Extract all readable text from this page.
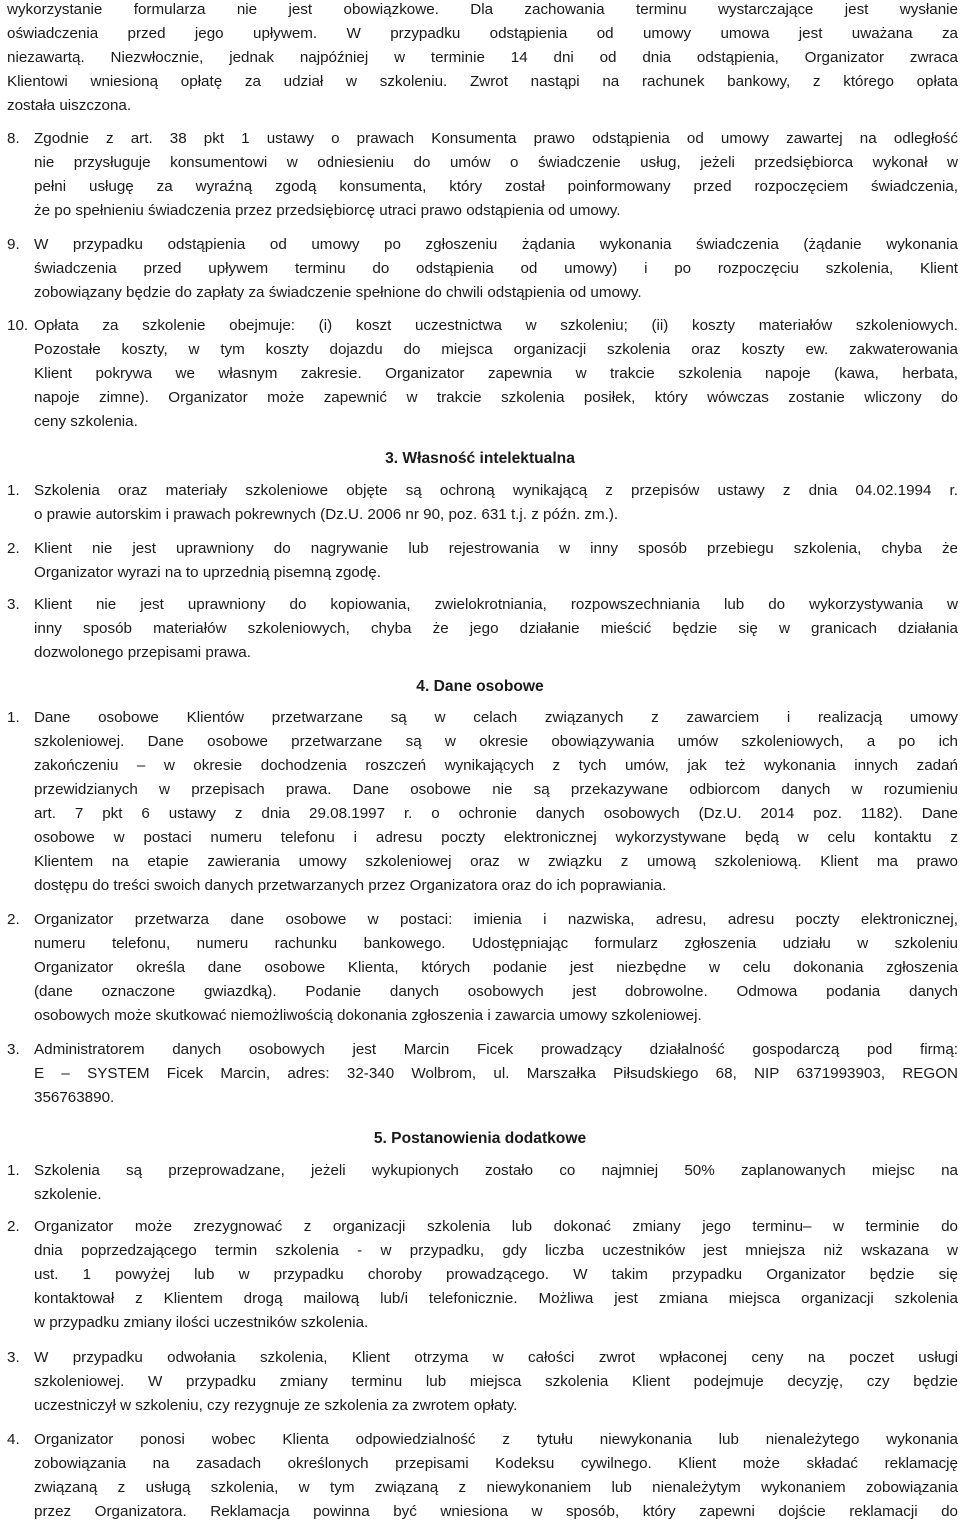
wykorzystanie formularza nie jest obowiązkowe. Dla zachowania terminu wystarczające jest wysłanie
oświadczenia przed jego upływem. W przypadku odstąpienia od umowy umowa jest uważana za
niezawartą. Niezwłocznie, jednak najpóźniej w terminie 14 dni od dnia odstąpienia, Organizator zwraca
Klientowi wniesioną opłatę za udział w szkoleniu. Zwrot nastąpi na rachunek bankowy, z którego opłata
została uiszczona.
8. Zgodnie z art. 38 pkt 1 ustawy o prawach Konsumenta prawo odstąpienia od umowy zawartej na odległość
nie przysługuje konsumentowi w odniesieniu do umów o świadczenie usług, jeżeli przedsiębiorca wykonał w
pełni usługę za wyraźną zgodą konsumenta, który został poinformowany przed rozpoczęciem świadczenia,
że po spełnieniu świadczenia przez przedsiębiorcę utraci prawo odstąpienia od umowy.
9. W przypadku odstąpienia od umowy po zgłoszeniu żądania wykonania świadczenia (żądanie wykonania
świadczenia przed upływem terminu do odstąpienia od umowy) i po rozpoczęciu szkolenia, Klient
zobowiązany będzie do zapłaty za świadczenie spełnione do chwili odstąpienia od umowy.
10. Opłata za szkolenie obejmuje: (i) koszt uczestnictwa w szkoleniu; (ii) koszty materiałów szkoleniowych.
Pozostałe koszty, w tym koszty dojazdu do miejsca organizacji szkolenia oraz koszty ew. zakwaterowania
Klient pokrywa we własnym zakresie. Organizator zapewnia w trakcie szkolenia napoje (kawa, herbata,
napoje zimne). Organizator może zapewnić w trakcie szkolenia posiłek, który wówczas zostanie wliczony do
ceny szkolenia.
3. Własność intelektualna
1. Szkolenia oraz materiały szkoleniowe objęte są ochroną wynikającą z przepisów ustawy z dnia 04.02.1994 r.
o prawie autorskim i prawach pokrewnych (Dz.U. 2006 nr 90, poz. 631 t.j. z późn. zm.).
2. Klient nie jest uprawniony do nagrywanie lub rejestrowania w inny sposób przebiegu szkolenia, chyba że
Organizator wyrazi na to uprzednią pisemną zgodę.
3. Klient nie jest uprawniony do kopiowania, zwielokrotniania, rozpowszechniania lub do wykorzystywania w
inny sposób materiałów szkoleniowych, chyba że jego działanie mieścić będzie się w granicach działania
dozwolonego przepisami prawa.
4. Dane osobowe
1. Dane osobowe Klientów przetwarzane są w celach związanych z zawarciem i realizacją umowy
szkoleniowej. Dane osobowe przetwarzane są w okresie obowiązywania umów szkoleniowych, a po ich
zakończeniu – w okresie dochodzenia roszczeń wynikających z tych umów, jak też wykonania innych zadań
przewidzianych w przepisach prawa. Dane osobowe nie są przekazywane odbiorcom danych w rozumieniu
art. 7 pkt 6 ustawy z dnia 29.08.1997 r. o ochronie danych osobowych (Dz.U. 2014 poz. 1182). Dane
osobowe w postaci numeru telefonu i adresu poczty elektronicznej wykorzystywane będą w celu kontaktu z
Klientem na etapie zawierania umowy szkoleniowej oraz w związku z umową szkoleniową. Klient ma prawo
dostępu do treści swoich danych przetwarzanych przez Organizatora oraz do ich poprawiania.
2. Organizator przetwarza dane osobowe w postaci: imienia i nazwiska, adresu, adresu poczty elektronicznej,
numeru telefonu, numeru rachunku bankowego. Udostępniając formularz zgłoszenia udziału w szkoleniu
Organizator określa dane osobowe Klienta, których podanie jest niezbędne w celu dokonania zgłoszenia
(dane oznaczone gwiazdką). Podanie danych osobowych jest dobrowolne. Odmowa podania danych
osobowych może skutkować niemożliwością dokonania zgłoszenia i zawarcia umowy szkoleniowej.
3. Administratorem danych osobowych jest Marcin Ficek prowadzący działalność gospodarczą pod firmą:
E – SYSTEM Ficek Marcin, adres: 32-340 Wolbrom, ul. Marszałka Piłsudskiego 68, NIP 6371993903, REGON
356763890.
5. Postanowienia dodatkowe
1. Szkolenia są przeprowadzane, jeżeli wykupionych zostało co najmniej 50% zaplanowanych miejsc na
szkolenie.
2. Organizator może zrezygnować z organizacji szkolenia lub dokonać zmiany jego terminu– w terminie do
dnia poprzedzającego termin szkolenia - w przypadku, gdy liczba uczestników jest mniejsza niż wskazana w
ust. 1 powyżej lub w przypadku choroby prowadzącego. W takim przypadku Organizator będzie się
kontaktował z Klientem drogą mailową lub/i telefonicznie. Możliwa jest zmiana miejsca organizacji szkolenia
w przypadku zmiany ilości uczestników szkolenia.
3. W przypadku odwołania szkolenia, Klient otrzyma w całości zwrot wpłaconej ceny na poczet usługi
szkoleniowej. W przypadku zmiany terminu lub miejsca szkolenia Klient podejmuje decyzję, czy będzie
uczestniczył w szkoleniu, czy rezygnuje ze szkolenia za zwrotem opłaty.
4. Organizator ponosi wobec Klienta odpowiedzialność z tytułu niewykonania lub nienależytego wykonania
zobowiązania na zasadach określonych przepisami Kodeksu cywilnego. Klient może składać reklamację
związaną z usługą szkolenia, w tym związaną z niewykonaniem lub nienależytym wykonaniem zobowiązania
przez Organizatora. Reklamacja powinna być wniesiona w sposób, który zapewni dojście reklamacji do
